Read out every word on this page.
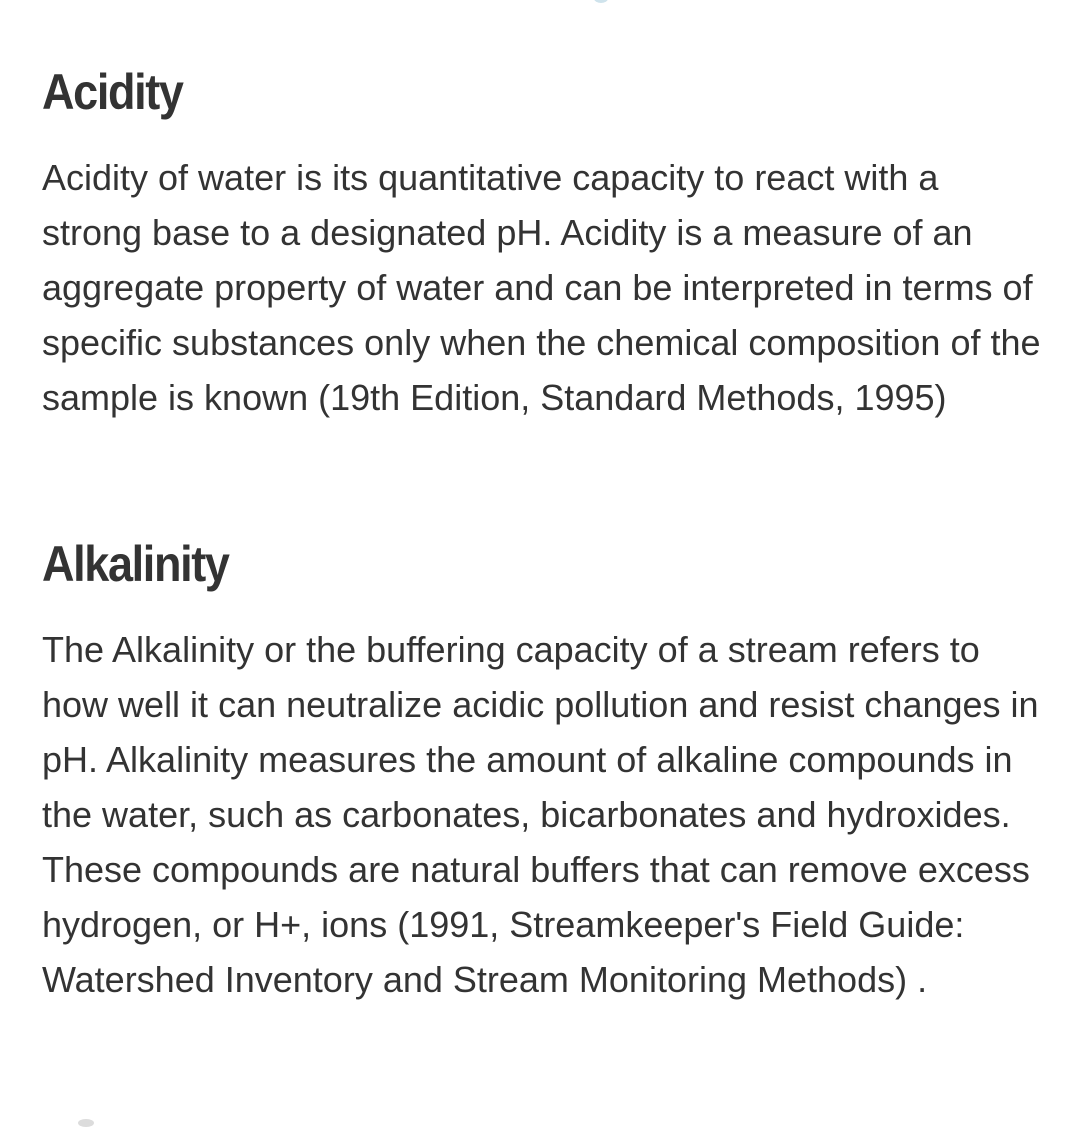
Acidity

Acidity of water is its quantitative capacity to react with a strong base to a designated pH. Acidity is a measure of an aggregate property of water and can be interpreted in terms of specific substances only when the chemical composition of the sample is known (19th Edition, Standard Methods, 1995)

Alkalinity

The Alkalinity or the buffering capacity of a stream refers to how well it can neutralize acidic pollution and resist changes in pH. Alkalinity measures the amount of alkaline compounds in the water, such as carbonates, bicarbonates and hydroxides. These compounds are natural buffers that can remove excess hydrogen, or H+, ions (1991, Streamkeeper's Field Guide: Watershed Inventory and Stream Monitoring Methods) .
